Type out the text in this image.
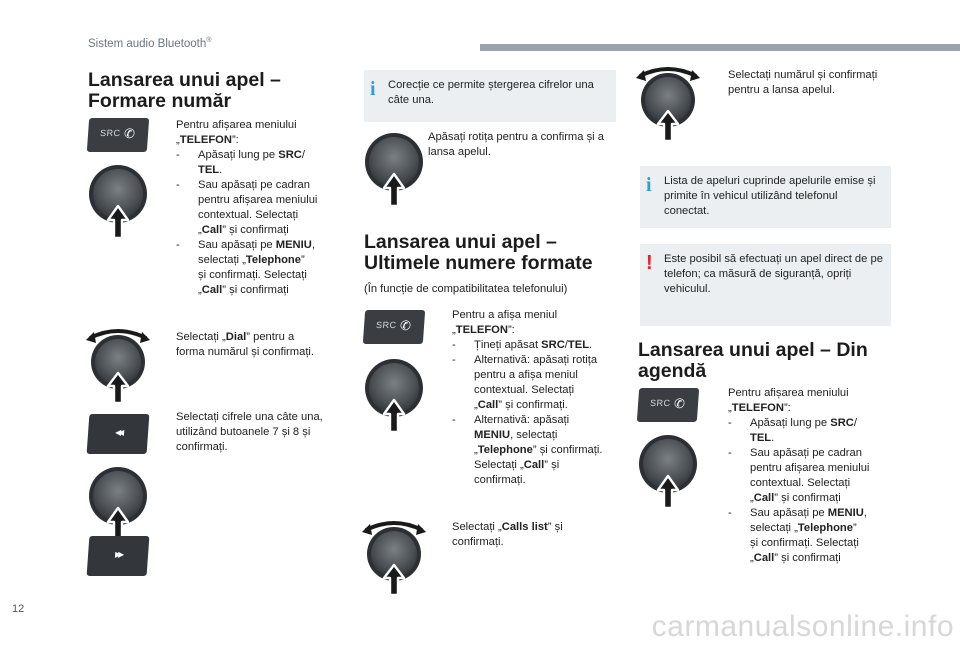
Sistem audio Bluetooth®
Lansarea unui apel –
Formare număr
SRC ✆
Pentru afișarea meniului
„TELEFON”:
-	Apăsați lung pe SRC/
TEL.
-	Sau apăsați pe cadran
pentru afișarea meniului
contextual. Selectați
„Call” și confirmați
-	Sau apăsați pe MENIU,
selectați „Telephone”
și confirmați. Selectați
„Call” și confirmați
Selectați „Dial” pentru a
forma numărul și confirmați.
◂◂
▸▸
Selectați cifrele una câte una,
utilizând butoanele 7 și 8 și
confirmați.
i Corecție ce permite ștergerea cifrelor una câte una.
Apăsați rotița pentru a confirma și a lansa apelul.
Lansarea unui apel –
Ultimele numere formate
(În funcție de compatibilitatea telefonului)
SRC ✆
Pentru a afișa meniul
„TELEFON”:
-	Țineți apăsat SRC/TEL.
-	Alternativă: apăsați rotița
pentru a afișa meniul
contextual. Selectați
„Call” și confirmați.
-	Alternativă: apăsați
MENIU, selectați
„Telephone” și confirmați.
Selectați „Call” și
confirmați.
Selectați „Calls list” și
confirmați.
Selectați numărul și confirmați pentru a lansa apelul.
i Lista de apeluri cuprinde apelurile emise și primite în vehicul utilizând telefonul conectat.
! Este posibil să efectuați un apel direct de pe telefon; ca măsură de siguranță, opriți vehiculul.
Lansarea unui apel – Din
agendă
SRC ✆
Pentru afișarea meniului
„TELEFON”:
-	Apăsați lung pe SRC/
TEL.
-	Sau apăsați pe cadran
pentru afișarea meniului
contextual. Selectați
„Call” și confirmați
-	Sau apăsați pe MENIU,
selectați „Telephone”
și confirmați. Selectați
„Call” și confirmați
12
carmanualsonline.info
